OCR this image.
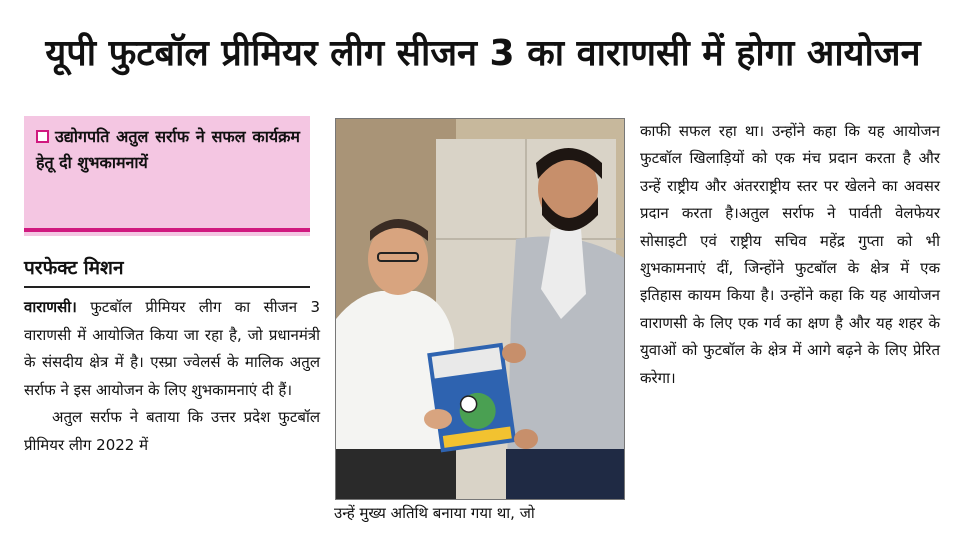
यूपी फुटबॉल प्रीमियर लीग सीजन 3 का वाराणसी में होगा आयोजन
उद्योगपति अतुल सर्राफ ने सफल कार्यक्रम हेतू दी शुभकामनायें
परफेक्ट मिशन

वाराणसी। फुटबॉल प्रीमियर लीग का सीजन 3 वाराणसी में आयोजित किया जा रहा है, जो प्रधानमंत्री के संसदीय क्षेत्र में है। एस्प्रा ज्वेलर्स के मालिक अतुल सर्राफ ने इस आयोजन के लिए शुभकामनाएं दी हैं।

अतुल सर्राफ ने बताया कि उत्तर प्रदेश फुटबॉल प्रीमियर लीग 2022 में

उन्हें मुख्य अतिथि बनाया गया था, जो

काफी सफल रहा था। उन्होंने कहा कि यह आयोजन फुटबॉल खिलाड़ियों को एक मंच प्रदान करता है और उन्हें राष्ट्रीय और अंतरराष्ट्रीय स्तर पर खेलने का अवसर प्रदान करता है।अतुल सर्राफ ने पार्वती वेलफेयर सोसाइटी एवं राष्ट्रीय सचिव महेंद्र गुप्ता को भी शुभकामनाएं दीं, जिन्होंने फुटबॉल के क्षेत्र में एक इतिहास कायम किया है। उन्होंने कहा कि यह आयोजन वाराणसी के लिए एक गर्व का क्षण है और यह शहर के युवाओं को फुटबॉल के क्षेत्र में आगे बढ़ने के लिए प्रेरित करेगा।
